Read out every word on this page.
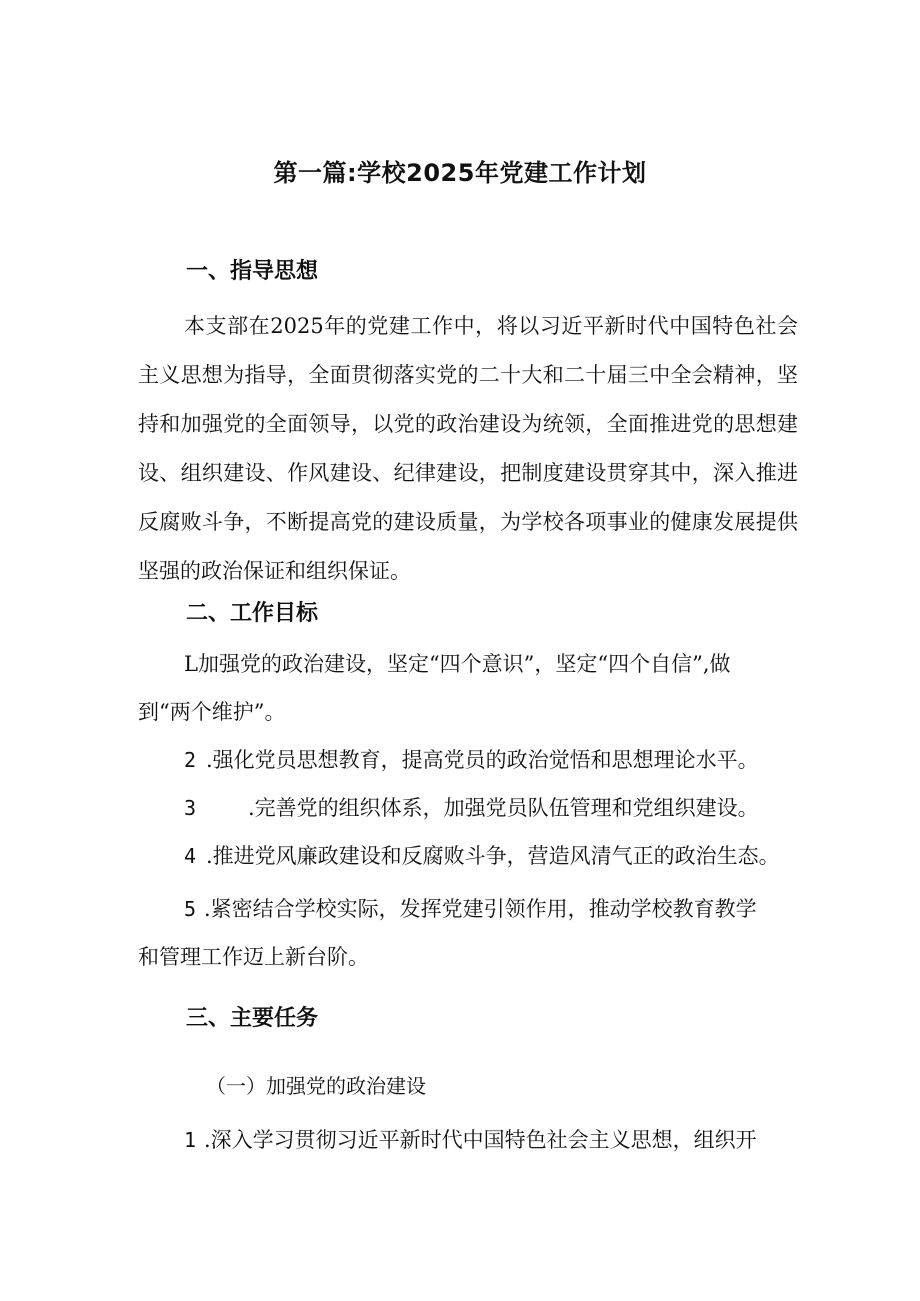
第一篇:学校2025年党建工作计划
一、指导思想
本支部在2025年的党建工作中，将以习近平新时代中国特色社会主义思想为指导，全面贯彻落实党的二十大和二十届三中全会精神，坚持和加强党的全面领导，以党的政治建设为统领，全面推进党的思想建设、组织建设、作风建设、纪律建设，把制度建设贯穿其中，深入推进反腐败斗争，不断提高党的建设质量，为学校各项事业的健康发展提供坚强的政治保证和组织保证。
二、工作目标
L加强党的政治建设，坚定“四个意识”，坚定“四个自信”,做
到“两个维护”。
2 .强化党员思想教育，提高党员的政治觉悟和思想理论水平。
3 .完善党的组织体系，加强党员队伍管理和党组织建设。
4 .推进党风廉政建设和反腐败斗争，营造风清气正的政治生态。
5 .紧密结合学校实际，发挥党建引领作用，推动学校教育教学
和管理工作迈上新台阶。
三、主要任务
（一）加强党的政治建设
1 .深入学习贯彻习近平新时代中国特色社会主义思想，组织开
